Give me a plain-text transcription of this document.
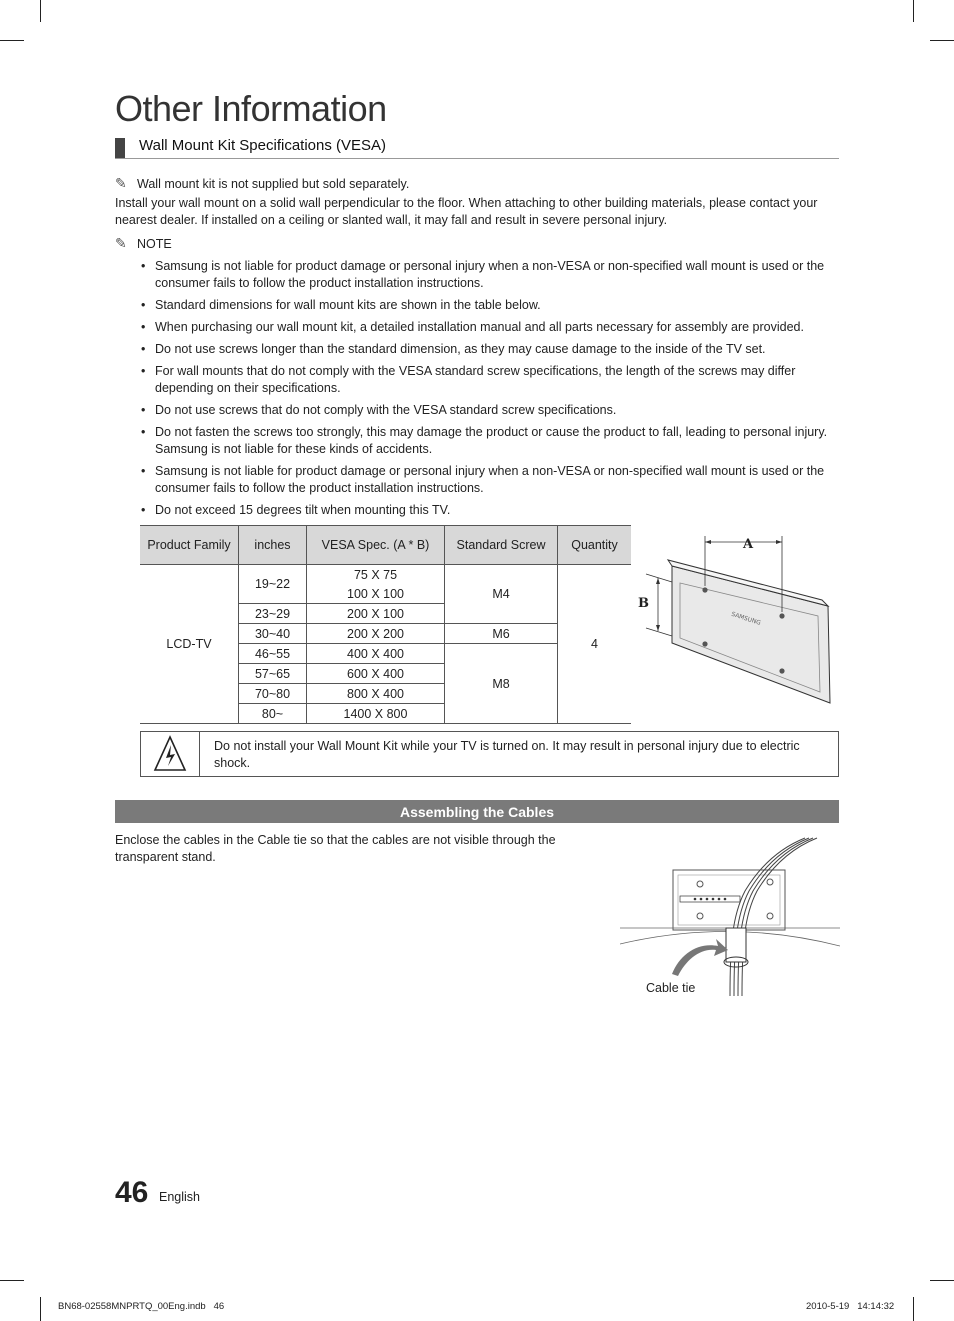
Other Information
Wall Mount Kit Specifications (VESA)
✎ Wall mount kit is not supplied but sold separately.
Install your wall mount on a solid wall perpendicular to the floor. When attaching to other building materials, please contact your nearest dealer. If installed on a ceiling or slanted wall, it may fall and result in severe personal injury.
✎ NOTE
• Samsung is not liable for product damage or personal injury when a non-VESA or non-specified wall mount is used or the consumer fails to follow the product installation instructions.
• Standard dimensions for wall mount kits are shown in the table below.
• When purchasing our wall mount kit, a detailed installation manual and all parts necessary for assembly are provided.
• Do not use screws longer than the standard dimension, as they may cause damage to the inside of the TV set.
• For wall mounts that do not comply with the VESA standard screw specifications, the length of the screws may differ depending on their specifications.
• Do not use screws that do not comply with the VESA standard screw specifications.
• Do not fasten the screws too strongly, this may damage the product or cause the product to fall, leading to personal injury. Samsung is not liable for these kinds of accidents.
• Samsung is not liable for product damage or personal injury when a non-VESA or non-specified wall mount is used or the consumer fails to follow the product installation instructions.
• Do not exceed 15 degrees tilt when mounting this TV.
Product Family	inches	VESA Spec. (A * B)	Standard Screw	Quantity
LCD-TV	19~22	75 X 75	M4	4
		100 X 100		
	23~29	200 X 100		
	30~40	200 X 200	M6	
	46~55	400 X 400	M8	
	57~65	600 X 400		
	70~80	800 X 400		
	80~	1400 X 800		
SAMSUNG
A
B
Do not install your Wall Mount Kit while your TV is turned on. It may result in personal injury due to electric shock.
Assembling the Cables
Enclose the cables in the Cable tie so that the cables are not visible through the transparent stand.
Cable tie
46 English
BN68-02558MNPRTQ_00Eng.indb   46	2010-5-19   14:14:32
